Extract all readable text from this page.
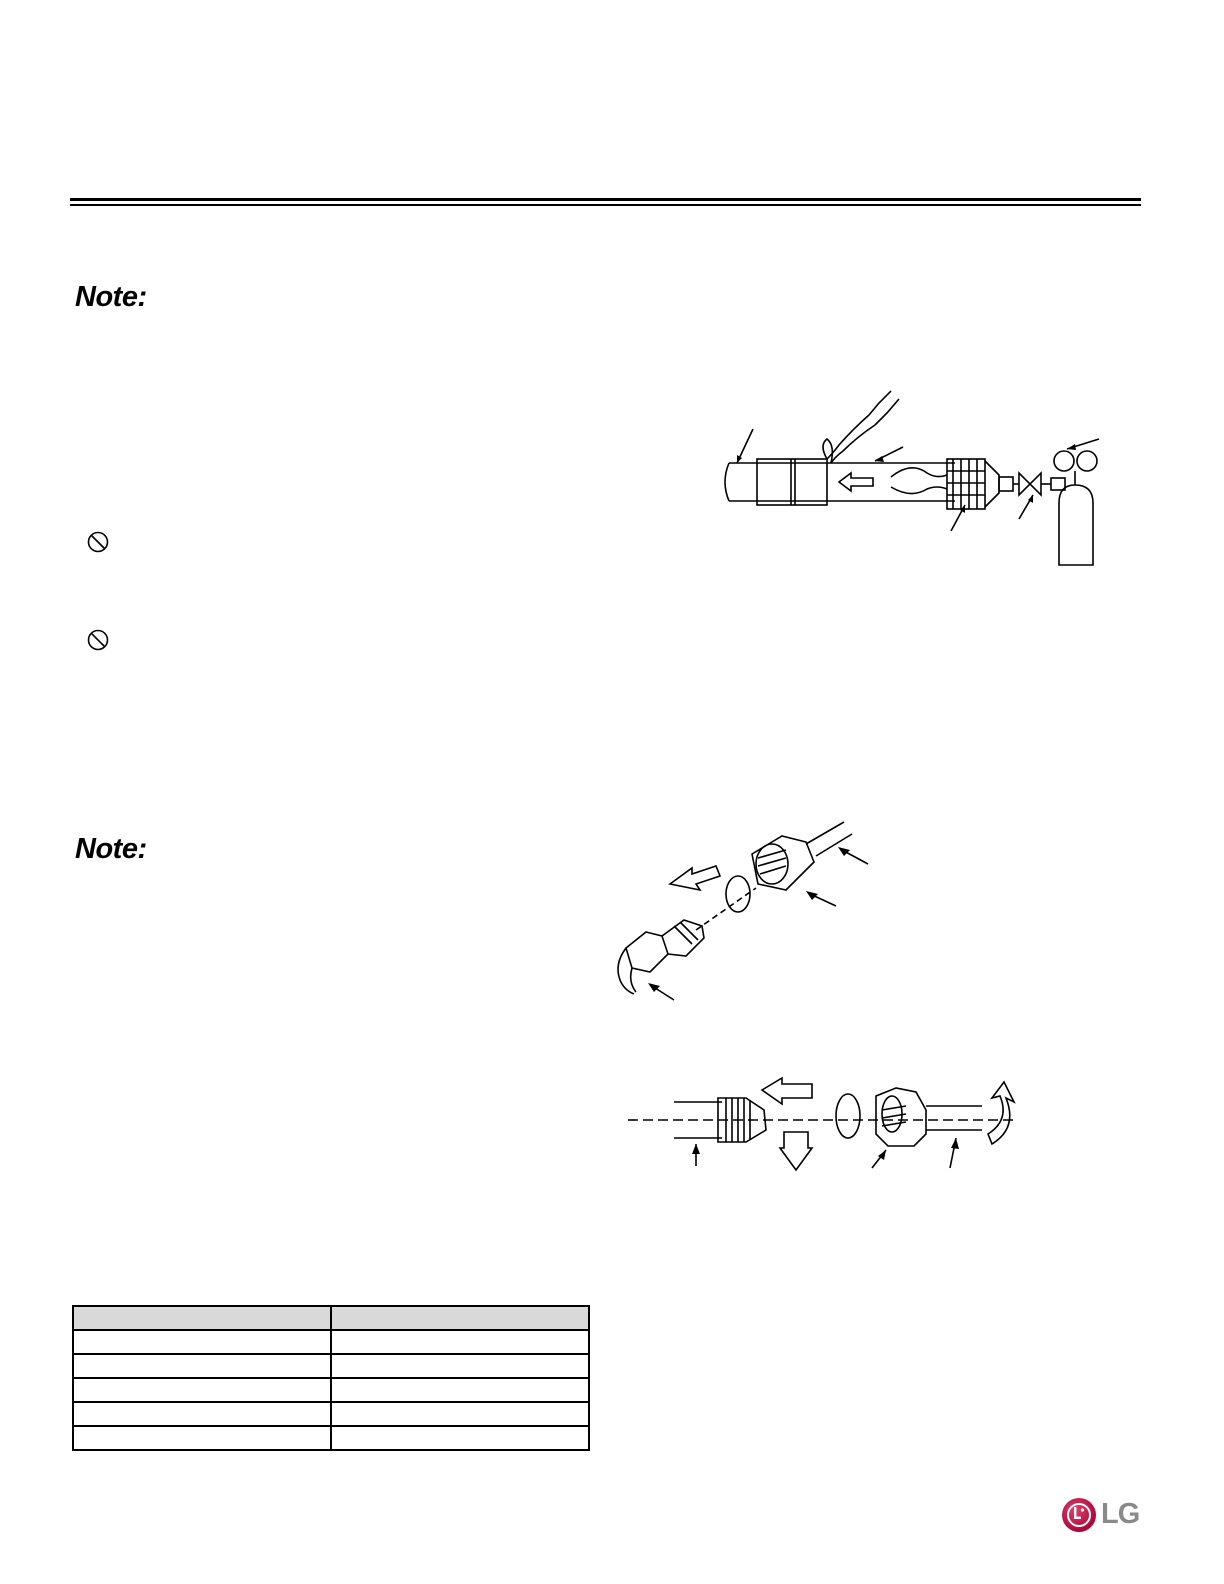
Note:
Note:

LG
